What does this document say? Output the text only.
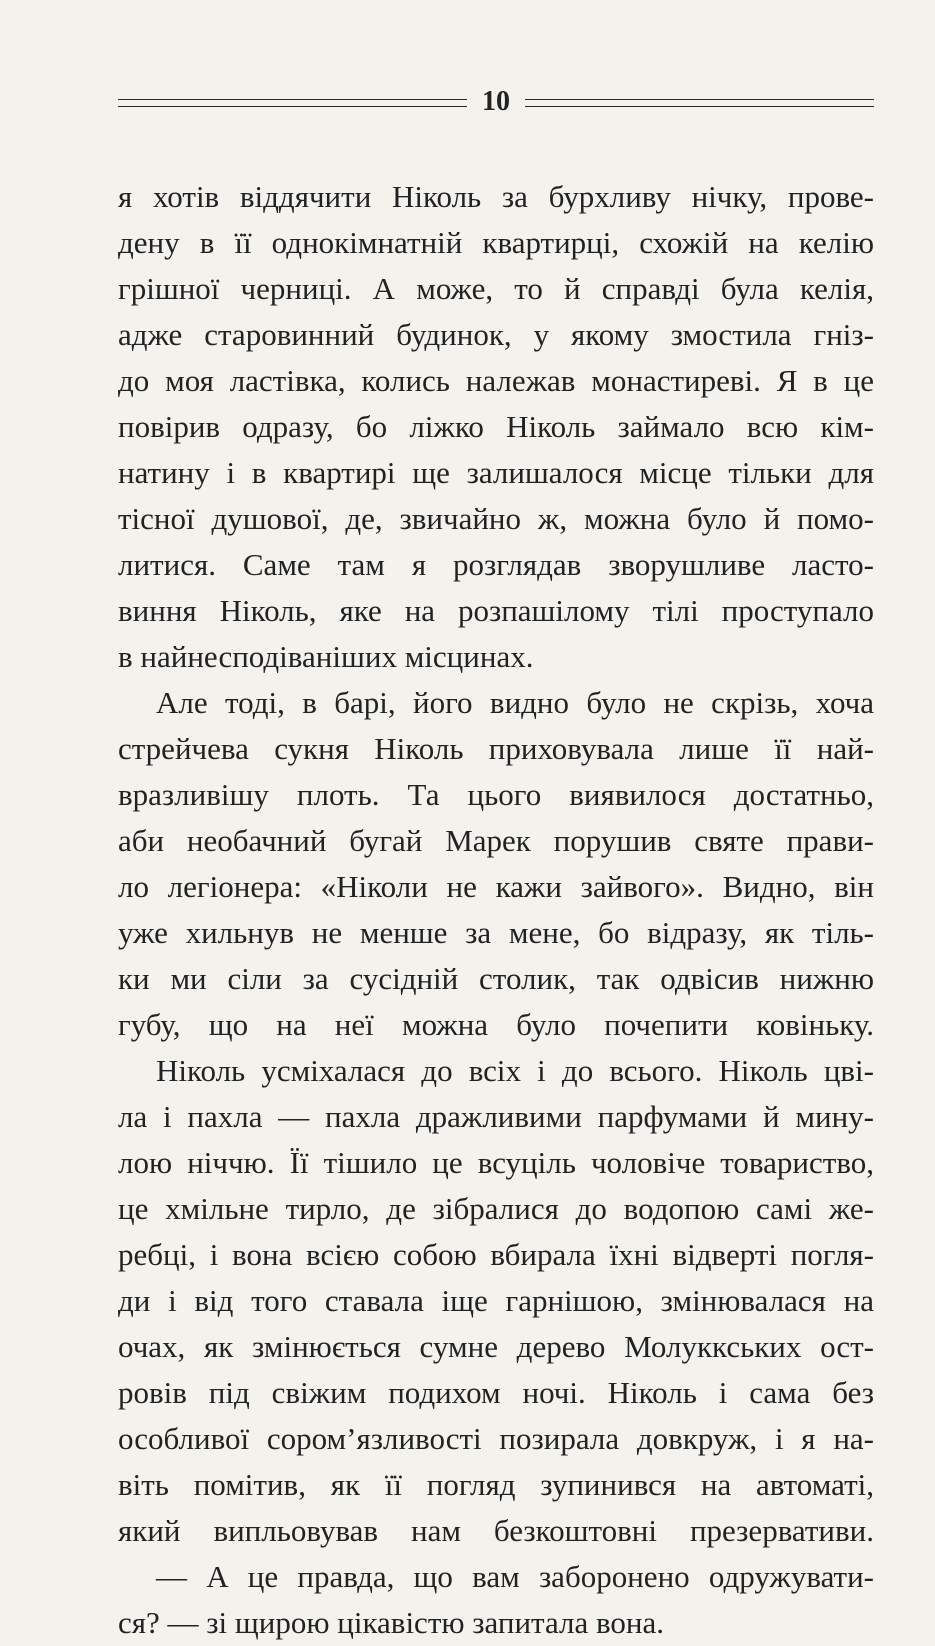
10
я хотів віддячити Ніколь за бурхливу нічку, прове-
дену в її однокімнатній квартирці, схожій на келію
грішної черниці. А може, то й справді була келія,
адже старовинний будинок, у якому змостила гніз-
до моя ластівка, колись належав монастиреві. Я в це
повірив одразу, бо ліжко Ніколь займало всю кім-
натину і в квартирі ще залишалося місце тільки для
тісної душової, де, звичайно ж, можна було й помо-
литися. Саме там я розглядав зворушливе ласто-
виння Ніколь, яке на розпашілому тілі проступало
в найнесподіваніших місцинах.
Але тоді, в барі, його видно було не скрізь, хоча
стрейчева сукня Ніколь приховувала лише її най-
вразливішу плоть. Та цього виявилося достатньо,
аби необачний бугай Марек порушив святе прави-
ло легіонера: «Ніколи не кажи зайвого». Видно, він
уже хильнув не менше за мене, бо відразу, як тіль-
ки ми сіли за сусідній столик, так одвісив нижню
губу, що на неї можна було почепити ковіньку.
Ніколь усміхалася до всіх і до всього. Ніколь цві-
ла і пахла — пахла дражливими парфумами й мину-
лою ніччю. Її тішило це всуціль чоловіче товариство,
це хмільне тирло, де зібралися до водопою самі же-
ребці, і вона всією собою вбирала їхні відверті погля-
ди і від того ставала іще гарнішою, змінювалася на
очах, як змінюється сумне дерево Молуккських ост-
ровів під свіжим подихом ночі. Ніколь і сама без
особливої сором’язливості позирала довкруж, і я на-
віть помітив, як її погляд зупинився на автоматі,
який випльовував нам безкоштовні презервативи.
— А це правда, що вам заборонено одружувати-
ся? — зі щирою цікавістю запитала вона.
